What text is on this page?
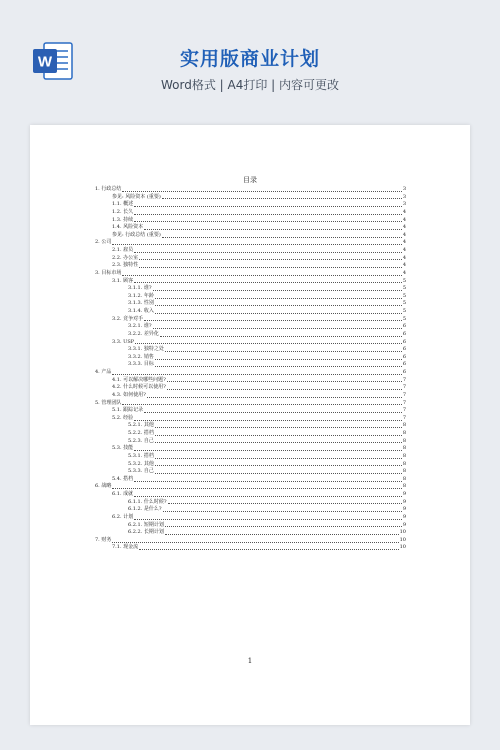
W	实用版商业计划
Word格式 | A4打印 | 内容可更改
目录
1. 行政总结	3
参见: 风险资本 (重要)	3
1.1. 概述	3
1.2. 长久	4
1.3. 持续	4
1.4. 风险资本	4
参见: 行政总结 (重要)	4
2. 公司	4
2.1. 雇员	4
2.2. 办公室	4
2.3. 独特性	4
3. 目标市场	4
3.1. 顾客	5
3.1.1. 谁?	5
3.1.2. 年龄	5
3.1.3. 性别	5
3.1.4. 收入	5
3.2. 竞争对手	5
3.2.1. 谁?	6
3.2.2. 差异化	6
3.3. USP	6
3.3.1. 独特之处	6
3.3.2. 销售	6
3.3.3. 目标	6
4. 产品	6
4.1. 可以解决哪些问题?	7
4.2. 什么时候可以使用?	7
4.3. 如何使用?	7
5. 管理团队	7
5.1. 跟踪记录	7
5.2. 经验	7
5.2.1. 其他	8
5.2.2. 搭档	8
5.2.3. 自己	8
5.3. 技能	8
5.3.1. 搭档	8
5.3.2. 其他	8
5.3.3. 自己	8
5.4. 搭档	8
6. 战略	8
6.1. 成就	9
6.1.1. 什么时候?	9
6.1.2. 是什么?	9
6.2. 计划	9
6.2.1. 短期计划	9
6.2.2. 长期计划	10
7. 财务	10
7.1. 现金流	10
1
